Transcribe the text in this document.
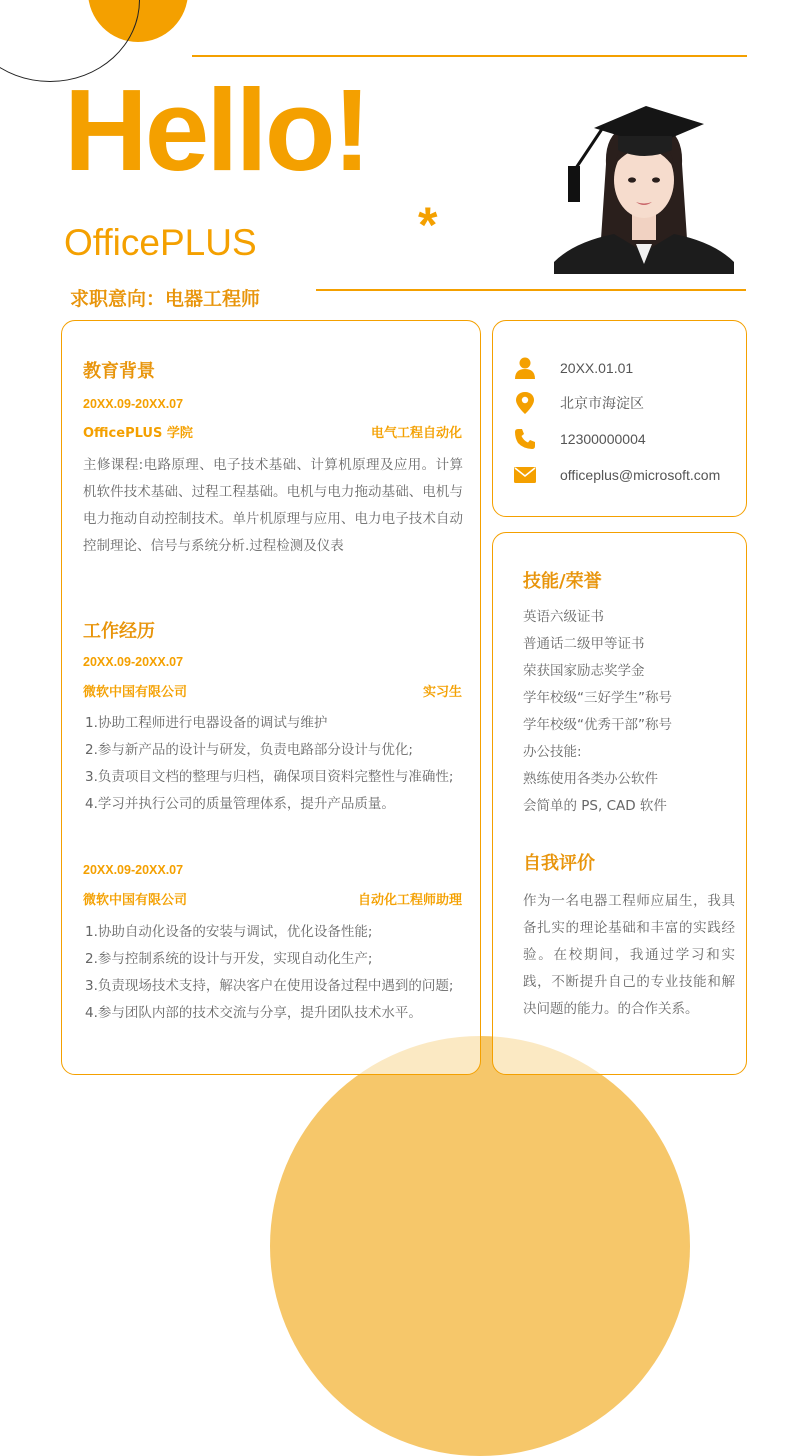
Hello!
*
OfficePLUS
求职意向：电器工程师
教育背景
20XX.09-20XX.07
OfficePLUS 学院	电气工程自动化
主修课程:电路原理、电子技术基础、计算机原理及应用。计算机软件技术基础、过程工程基础。电机与电力拖动基础、电机与电力拖动自动控制技术。单片机原理与应用、电力电子技术自动控制理论、信号与系统分析.过程检测及仪表
工作经历
20XX.09-20XX.07
微软中国有限公司	实习生
1.协助工程师进行电器设备的调试与维护
2.参与新产品的设计与研发，负责电路部分设计与优化;
3.负责项目文档的整理与归档，确保项目资料完整性与准确性;
4.学习并执行公司的质量管理体系，提升产品质量。
20XX.09-20XX.07
微软中国有限公司	自动化工程师助理
1.协助自动化设备的安装与调试，优化设备性能;
2.参与控制系统的设计与开发，实现自动化生产;
3.负责现场技术支持，解决客户在使用设备过程中遇到的问题;
4.参与团队内部的技术交流与分享，提升团队技术水平。
20XX.01.01
北京市海淀区
12300000004
officeplus@microsoft.com
技能/荣誉
英语六级证书
普通话二级甲等证书
荣获国家励志奖学金
学年校级“三好学生”称号
学年校级“优秀干部”称号
办公技能:
熟练使用各类办公软件
会简单的 PS, CAD 软件
自我评价
作为一名电器工程师应届生，我具备扎实的理论基础和丰富的实践经验。在校期间，我通过学习和实践，不断提升自己的专业技能和解决问题的能力。的合作关系。
